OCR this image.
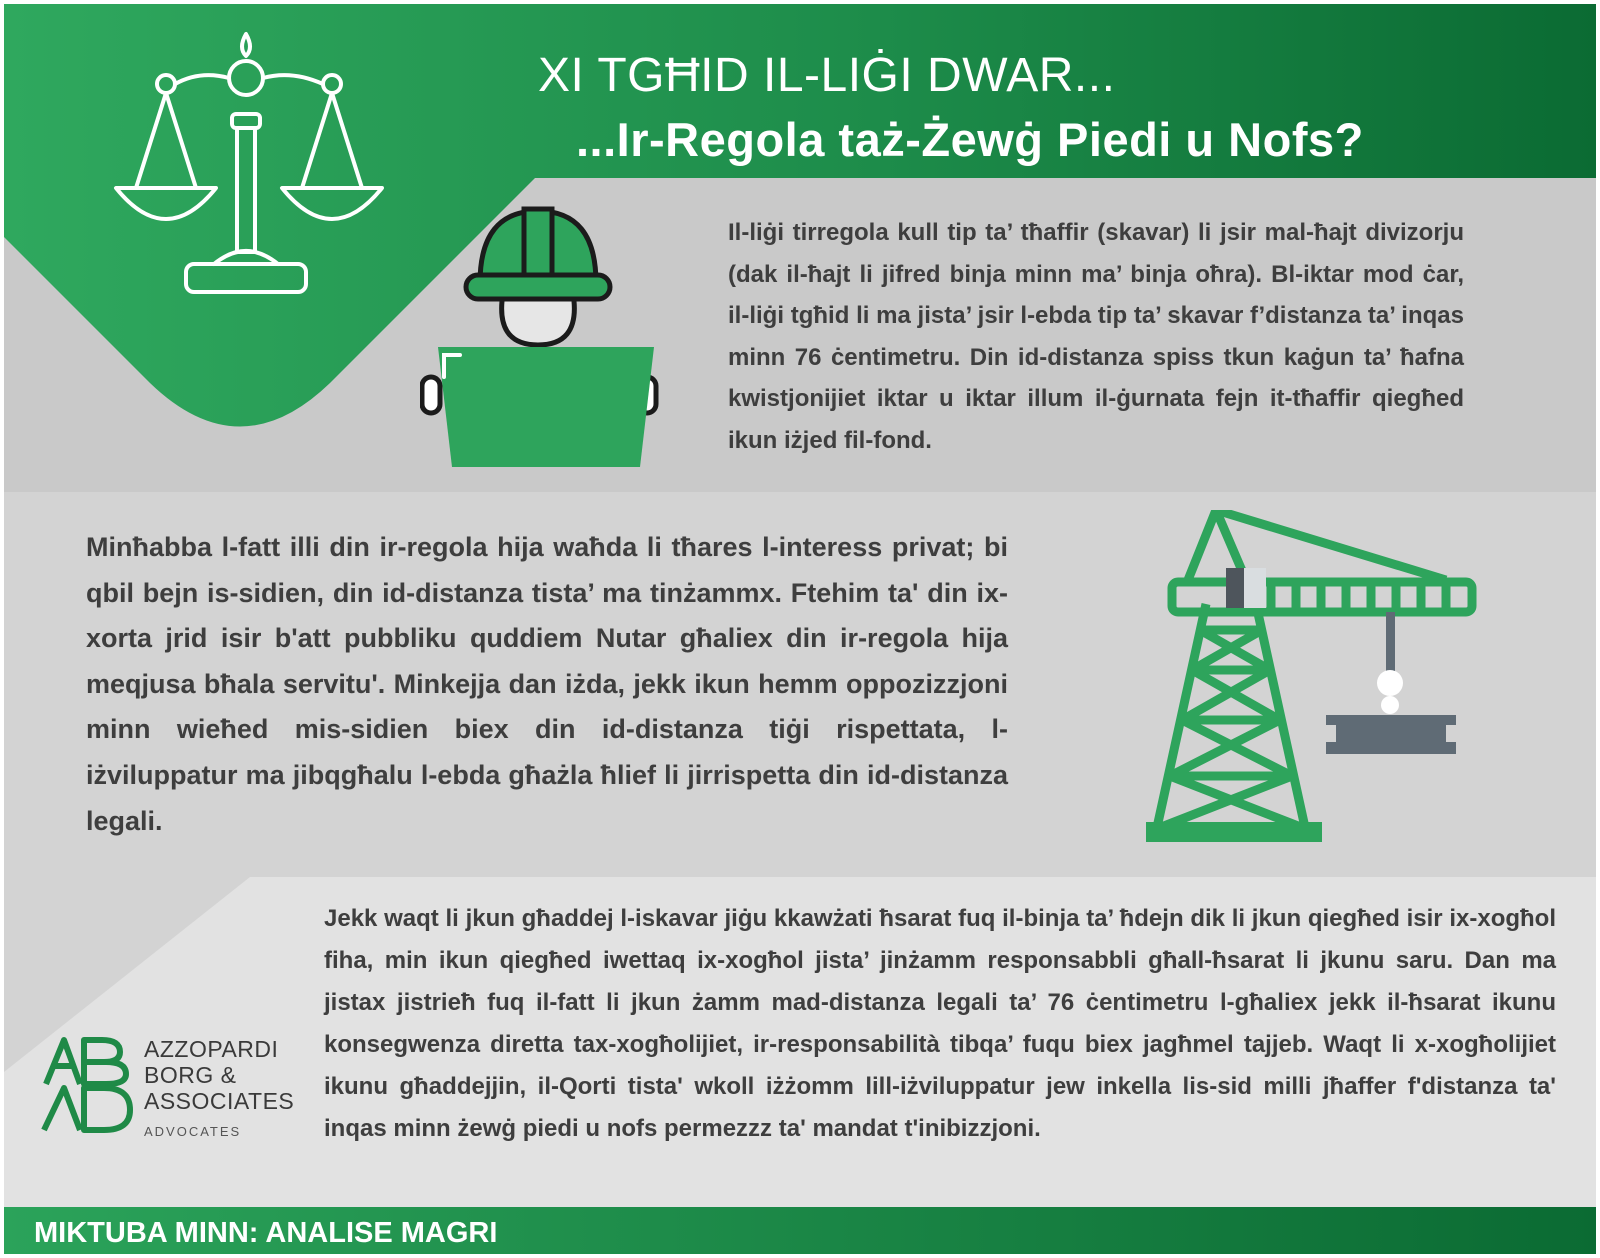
XI TGĦID IL-LIĠI DWAR...
...Ir-Regola taż-Żewġ Piedi u Nofs?
Il-liġi tirregola kull tip ta’ tħaffir (skavar) li jsir mal-ħajt divizorju (dak il-ħajt li jifred binja minn ma’ binja oħra). Bl-iktar mod ċar, il-liġi tgħid li ma jista’ jsir l-ebda tip ta’ skavar f’distanza ta’ inqas minn 76 ċentimetru. Din id-distanza spiss tkun kaġun ta’ ħafna kwistjonijiet iktar u iktar illum il-ġurnata fejn it-tħaffir qiegħed ikun iżjed fil-fond.
Minħabba l-fatt illi din ir-regola hija waħda li tħares l-interess privat; bi qbil bejn is-sidien, din id-distanza tista’ ma tinżammx. Ftehim ta' din ix-xorta jrid isir b'att pubbliku quddiem Nutar għaliex din ir-regola hija meqjusa bħala servitu'. Minkejja dan iżda, jekk ikun hemm oppozizzjoni minn wieħed mis-sidien biex din id-distanza tiġi rispettata, l-iżviluppatur ma jibqgħalu l-ebda għażla ħlief li jirrispetta din id-distanza legali.
Jekk waqt li jkun għaddej l-iskavar jiġu kkawżati ħsarat fuq il-binja ta’ ħdejn dik li jkun qiegħed isir ix-xogħol fiha, min ikun qiegħed iwettaq ix-xogħol jista’ jinżamm responsabbli għall-ħsarat li jkunu saru. Dan ma jistax jistrieħ fuq il-fatt li jkun żamm mad-distanza legali ta’ 76 ċentimetru l-għaliex jekk il-ħsarat ikunu konsegwenza diretta tax-xogħolijiet, ir-responsabilità tibqa’ fuqu biex jagħmel tajjeb. Waqt li x-xogħolijiet ikunu għaddejjin, il-Qorti tista' wkoll iżżomm lill-iżviluppatur jew inkella lis-sid milli jħaffer f'distanza ta' inqas minn żewġ piedi u nofs permezzz ta' mandat t'inibizzjoni.
AZZOPARDI
BORG &
ASSOCIATES
ADVOCATES
MIKTUBA MINN: ANALISE MAGRI
